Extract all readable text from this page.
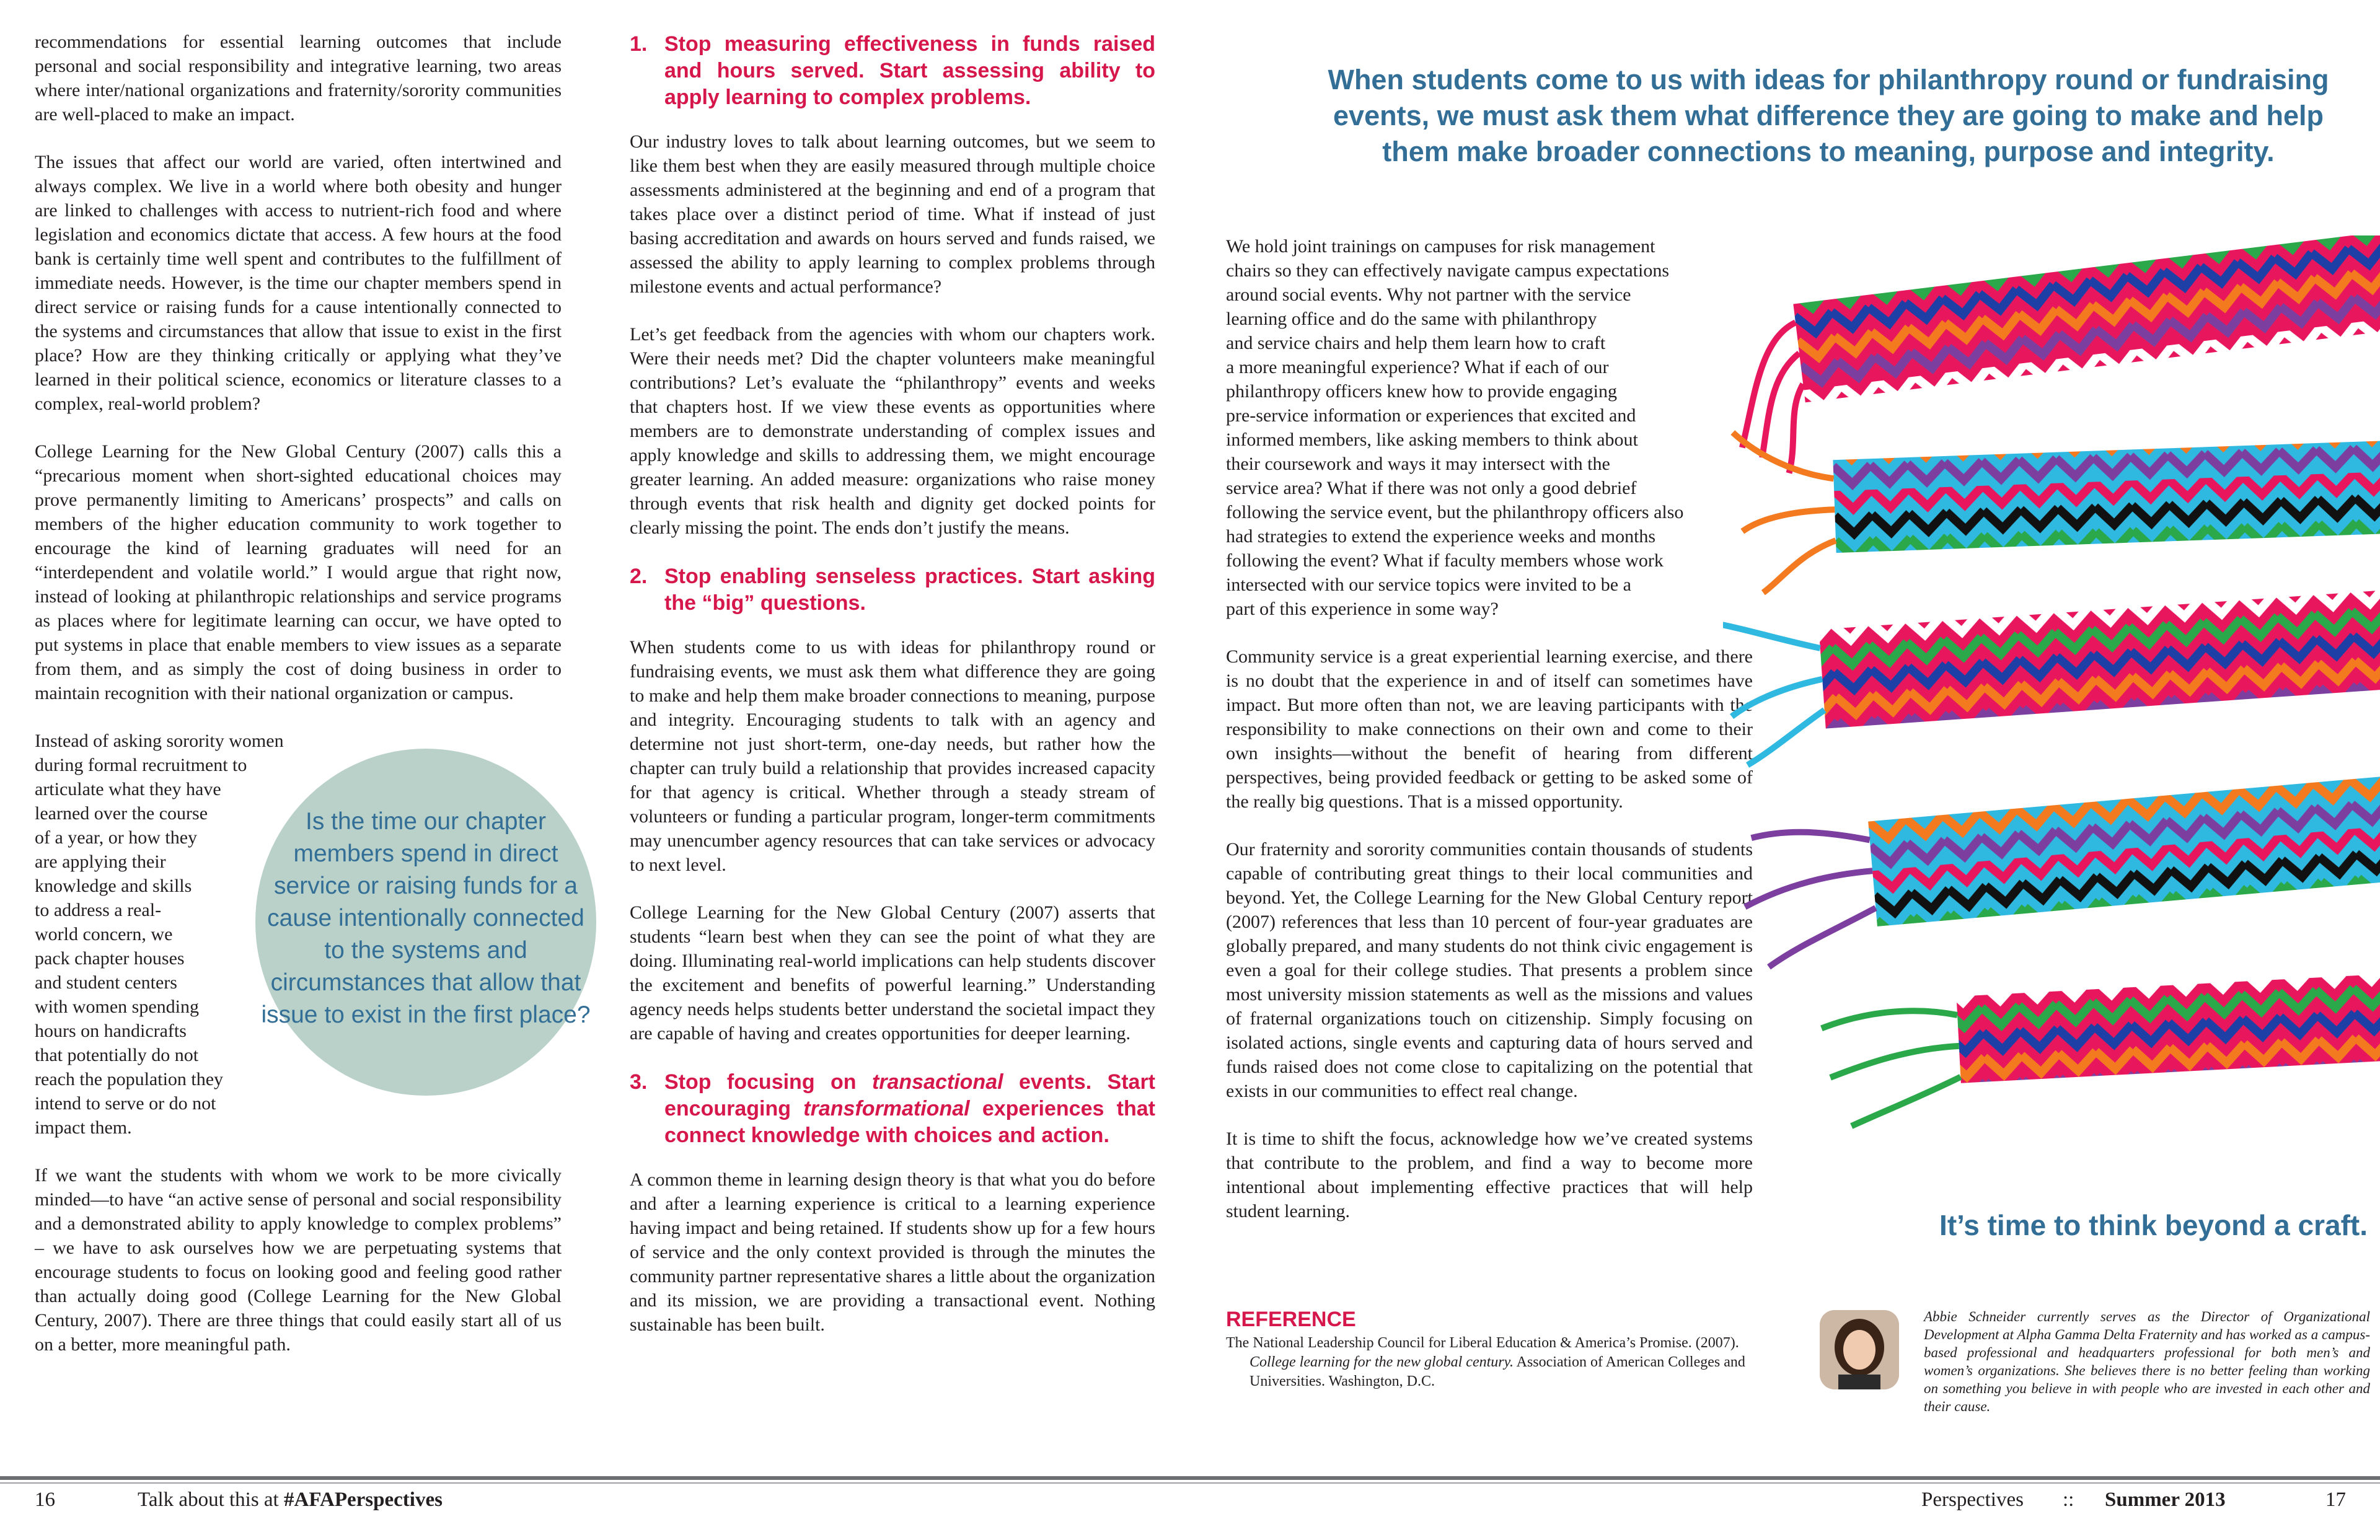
recommendations for essential learning outcomes that include personal and social responsibility and integrative learning, two areas where inter/national organizations and fraternity/sorority communities are well-placed to make an impact.

The issues that affect our world are varied, often intertwined and always complex. We live in a world where both obesity and hunger are linked to challenges with access to nutrient-rich food and where legislation and economics dictate that access. A few hours at the food bank is certainly time well spent and contributes to the fulfillment of immediate needs. However, is the time our chapter members spend in direct service or raising funds for a cause intentionally connected to the systems and circumstances that allow that issue to exist in the first place? How are they thinking critically or applying what they’ve learned in their political science, economics or literature classes to a complex, real-world problem?

College Learning for the New Global Century (2007) calls this a “precarious moment when short-sighted educational choices may prove permanently limiting to Americans’ prospects” and calls on members of the higher education community to work together to encourage the kind of learning graduates will need for an “interdependent and volatile world.” I would argue that right now, instead of looking at philanthropic relationships and service programs as places where for legitimate learning can occur, we have opted to put systems in place that enable members to view issues as a separate from them, and as simply the cost of doing business in order to maintain recognition with their national organization or campus.

Instead of asking sorority women
during formal recruitment to
articulate what they have
learned over the course
of a year, or how they
are applying their
knowledge and skills
to address a real-
world concern, we
pack chapter houses
and student centers
with women spending
hours on handicrafts
that potentially do not
reach the population they
intend to serve or do not
impact them.

If we want the students with whom we work to be more civically minded—to have “an active sense of personal and social responsibility and a demonstrated ability to apply knowledge to complex problems” – we have to ask ourselves how we are perpetuating systems that encourage students to focus on looking good and feeling good rather than actually doing good (College Learning for the New Global Century, 2007). There are three things that could easily start all of us on a better, more meaningful path.

Is the time our chapter members spend in direct service or raising funds for a cause intentionally connected to the systems and circumstances that allow that issue to exist in the first place?
1. Stop measuring effectiveness in funds raised and hours served. Start assessing ability to apply learning to complex problems.

Our industry loves to talk about learning outcomes, but we seem to like them best when they are easily measured through multiple choice assessments administered at the beginning and end of a program that takes place over a distinct period of time. What if instead of just basing accreditation and awards on hours served and funds raised, we assessed the ability to apply learning to complex problems through milestone events and actual performance?

Let’s get feedback from the agencies with whom our chapters work. Were their needs met? Did the chapter volunteers make meaningful contributions? Let’s evaluate the “philanthropy” events and weeks that chapters host. If we view these events as opportunities where members are to demonstrate understanding of complex issues and apply knowledge and skills to addressing them, we might encourage greater learning. An added measure: organizations who raise money through events that risk health and dignity get docked points for clearly missing the point. The ends don’t justify the means.

2. Stop enabling senseless practices. Start asking the “big” questions.

When students come to us with ideas for philanthropy round or fundraising events, we must ask them what difference they are going to make and help them make broader connections to meaning, purpose and integrity. Encouraging students to talk with an agency and determine not just short-term, one-day needs, but rather how the chapter can truly build a relationship that provides increased capacity for that agency is critical. Whether through a steady stream of volunteers or funding a particular program, longer-term commitments may unencumber agency resources that can take services or advocacy to next level.

College Learning for the New Global Century (2007) asserts that students “learn best when they can see the point of what they are doing. Illuminating real-world implications can help students discover the excitement and benefits of powerful learning.” Understanding agency needs helps students better understand the societal impact they are capable of having and creates opportunities for deeper learning.

3. Stop focusing on transactional events. Start encouraging transformational experiences that connect knowledge with choices and action.

A common theme in learning design theory is that what you do before and after a learning experience is critical to a learning experience having impact and being retained. If students show up for a few hours of service and the only context provided is through the minutes the community partner representative shares a little about the organization and its mission, we are providing a transactional event. Nothing sustainable has been built.

When students come to us with ideas for philanthropy round or fundraising events, we must ask them what difference they are going to make and help them make broader connections to meaning, purpose and integrity.
We hold joint trainings on campuses for risk management
chairs so they can effectively navigate campus expectations
around social events. Why not partner with the service
learning office and do the same with philanthropy
and service chairs and help them learn how to craft
a more meaningful experience? What if each of our
philanthropy officers knew how to provide engaging
pre-service information or experiences that excited and
informed members, like asking members to think about
their coursework and ways it may intersect with the
service area? What if there was not only a good debrief
following the service event, but the philanthropy officers also
had strategies to extend the experience weeks and months
following the event? What if faculty members whose work
intersected with our service topics were invited to be a
part of this experience in some way?

Community service is a great experiential learning exercise, and there is no doubt that the experience in and of itself can sometimes have impact. But more often than not, we are leaving participants with the responsibility to make connections on their own and come to their own insights—without the benefit of hearing from different perspectives, being provided feedback or getting to be asked some of the really big questions. That is a missed opportunity.

Our fraternity and sorority communities contain thousands of students capable of contributing great things to their local communities and beyond. Yet, the College Learning for the New Global Century report (2007) references that less than 10 percent of four-year graduates are globally prepared, and many students do not think civic engagement is even a goal for their college studies. That presents a problem since most university mission statements as well as the missions and values of fraternal organizations touch on citizenship. Simply focusing on isolated actions, single events and capturing data of hours served and funds raised does not come close to capitalizing on the potential that exists in our communities to effect real change.

It is time to shift the focus, acknowledge how we’ve created systems that contribute to the problem, and find a way to become more intentional about implementing effective practices that will help student learning.	It’s time to think beyond a craft.
REFERENCE
The National Leadership Council for Liberal Education & America’s Promise. (2007). College learning for the new global century. Association of American Colleges and Universities. Washington, D.C.
Abbie Schneider currently serves as the Director of Organizational Development at Alpha Gamma Delta Fraternity and has worked as a campus-based professional and headquarters professional for both men’s and women’s organizations. She believes there is no better feeling than working on something you believe in with people who are invested in each other and their cause.
16	Talk about this at #AFAPerspectives	Perspectives :: Summer 2013	17
